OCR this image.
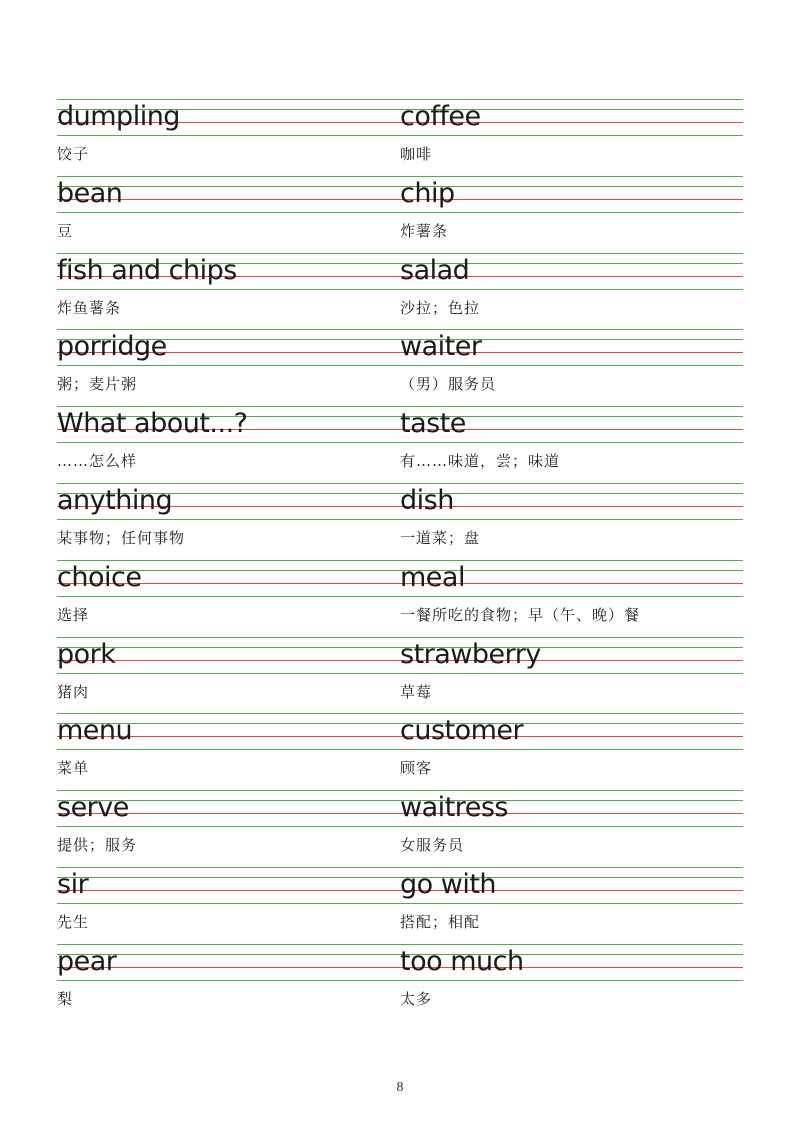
dumpling
饺子
coffee
咖啡
bean
豆
chip
炸薯条
fish and chips
炸鱼薯条
salad
沙拉；色拉
porridge
粥；麦片粥
waiter
（男）服务员
What about...?
……怎么样
taste
有……味道，尝；味道
anything
某事物；任何事物
dish
一道菜；盘
choice
选择
meal
一餐所吃的食物；早（午、晚）餐
pork
猪肉
strawberry
草莓
menu
菜单
customer
顾客
serve
提供；服务
waitress
女服务员
sir
先生
go with
搭配；相配
pear
梨
too much
太多
8
